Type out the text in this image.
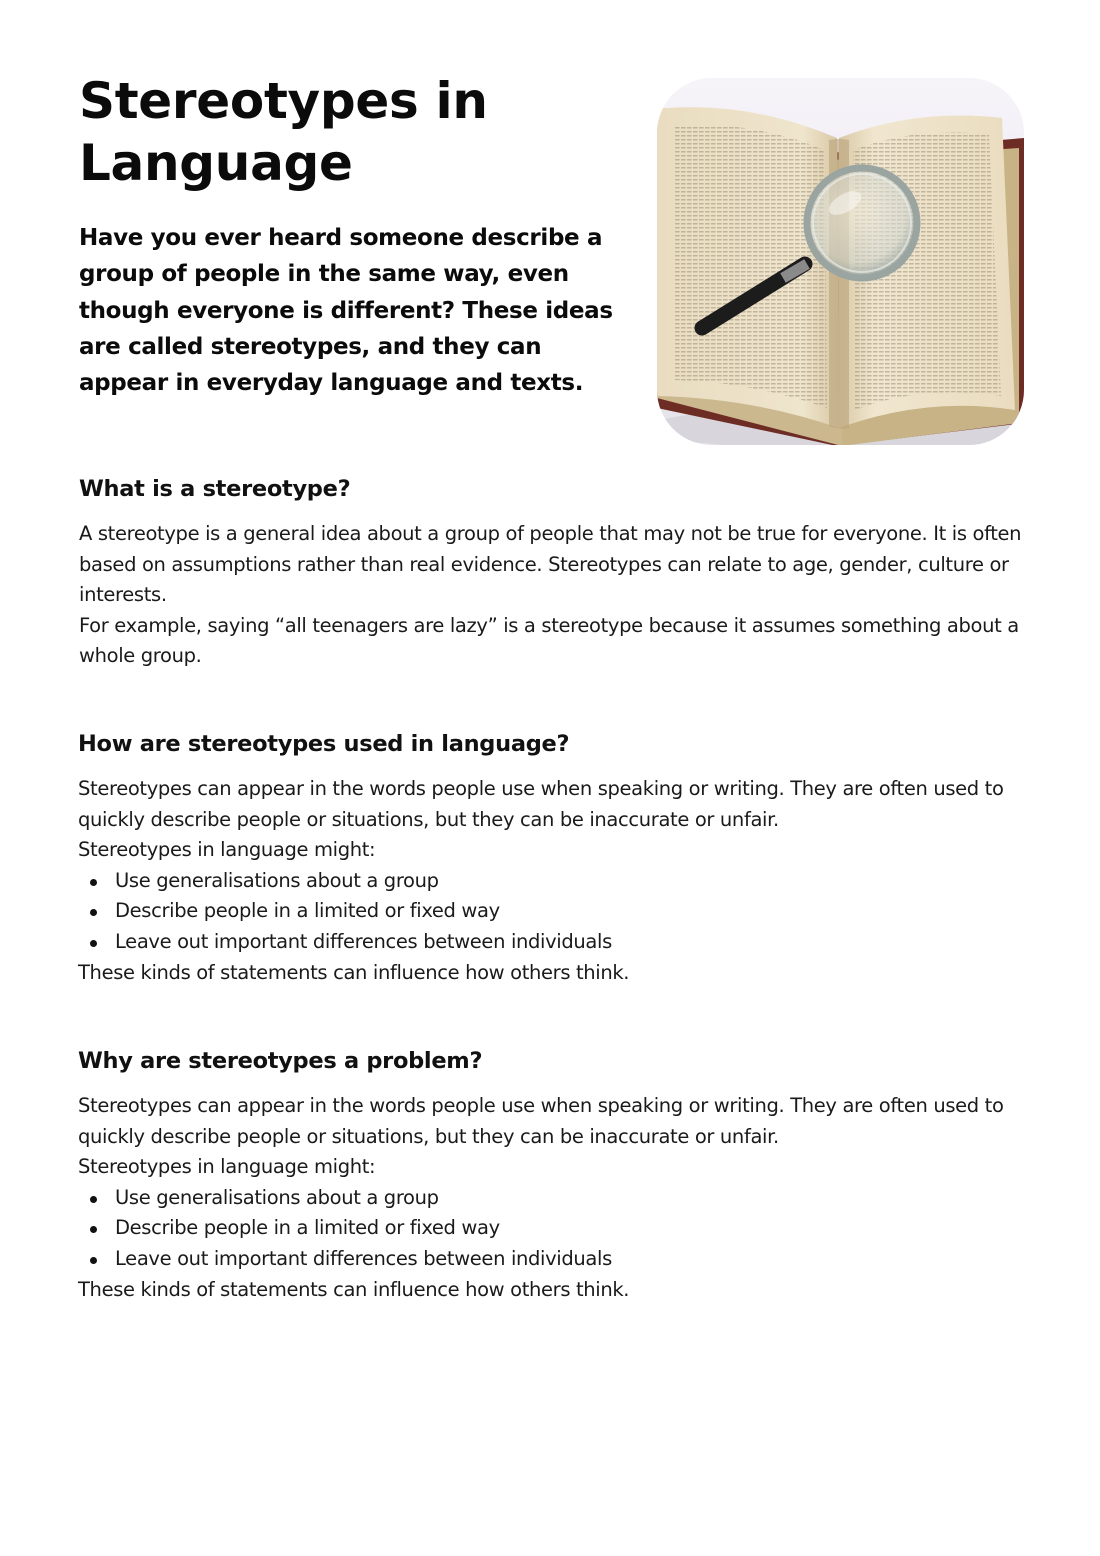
Stereotypes in Language

Have you ever heard someone describe a group of people in the same way, even though everyone is different? These ideas are called stereotypes, and they can appear in everyday language and texts.

What is a stereotype?

A stereotype is a general idea about a group of people that may not be true for everyone. It is often based on assumptions rather than real evidence. Stereotypes can relate to age, gender, culture or interests.

For example, saying “all teenagers are lazy” is a stereotype because it assumes something about a whole group.

How are stereotypes used in language?

Stereotypes can appear in the words people use when speaking or writing. They are often used to quickly describe people or situations, but they can be inaccurate or unfair.

Stereotypes in language might:

Use generalisations about a group
Describe people in a limited or fixed way
Leave out important differences between individuals

These kinds of statements can influence how others think.

Why are stereotypes a problem?

Stereotypes can appear in the words people use when speaking or writing. They are often used to quickly describe people or situations, but they can be inaccurate or unfair.

Stereotypes in language might:

Use generalisations about a group
Describe people in a limited or fixed way
Leave out important differences between individuals

These kinds of statements can influence how others think.
